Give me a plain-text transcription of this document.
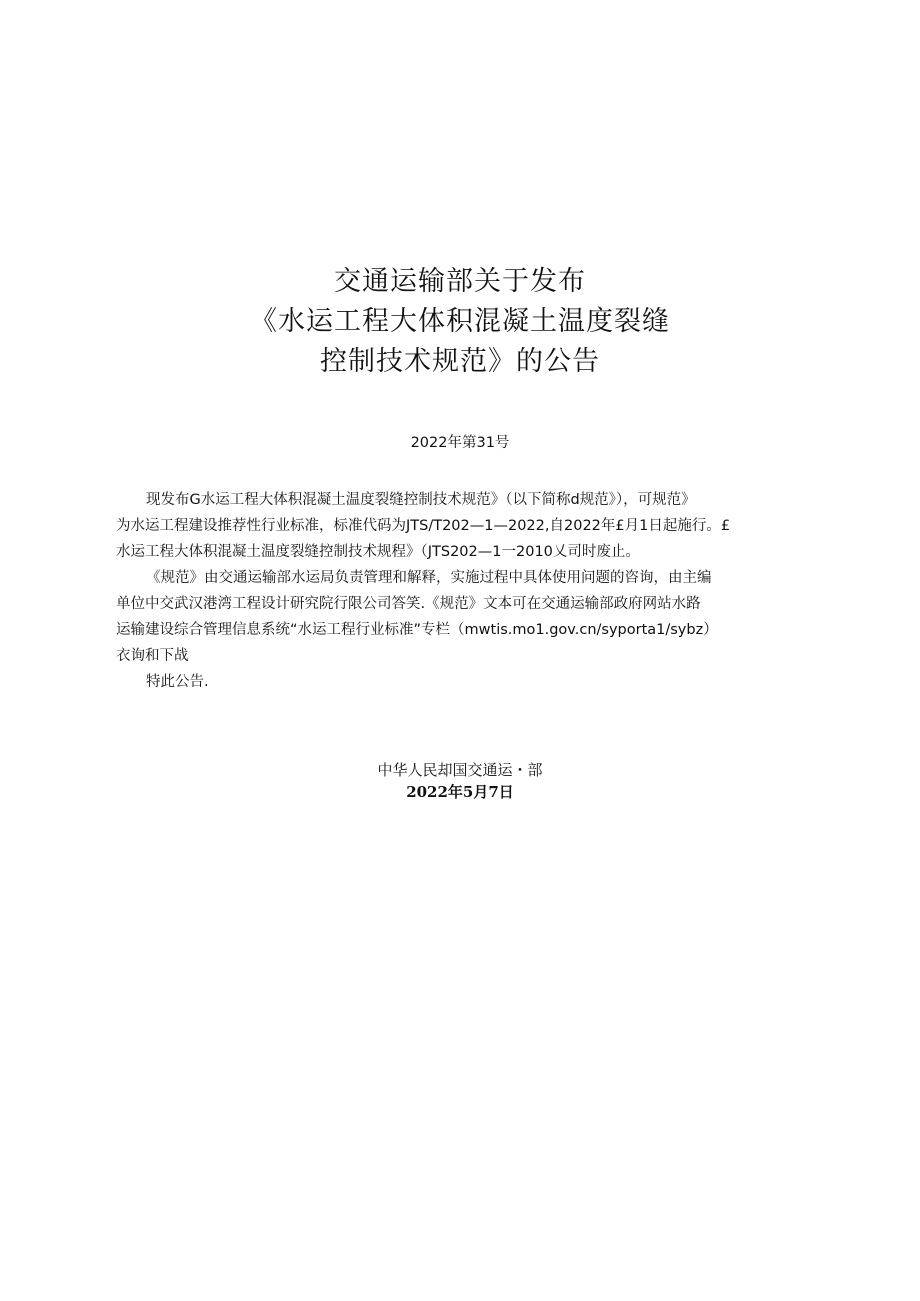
交通运输部关于发布
《水运工程大体积混凝土温度裂缝
控制技术规范》的公告
2022年第31号
现发布G水运工程大体积混凝土温度裂缝控制技术规范》（以下简称d规范》），可规范》
为水运工程建设推荐性行业标准，标准代码为JTS/T202—1—2022,自2022年£月1日起施行。£
水运工程大体积混凝土温度裂缝控制技术规程》（JTS202—1一2010乂司时废止。
《规范》由交通运输部水运局负责管理和解释，实施过程中具体使用问题的咨询，由主编
单位中交武汉港湾工程设计研究院行限公司答笑.《规范》文本可在交通运输部政府网站水路
运输建设综合管理信息系统“水运工程行业标准”专栏（mwtis.mo1.gov.cn/syporta1∕sybz）
衣询和下战
特此公告.
中华人民却国交通运・部
2022年5月7日
